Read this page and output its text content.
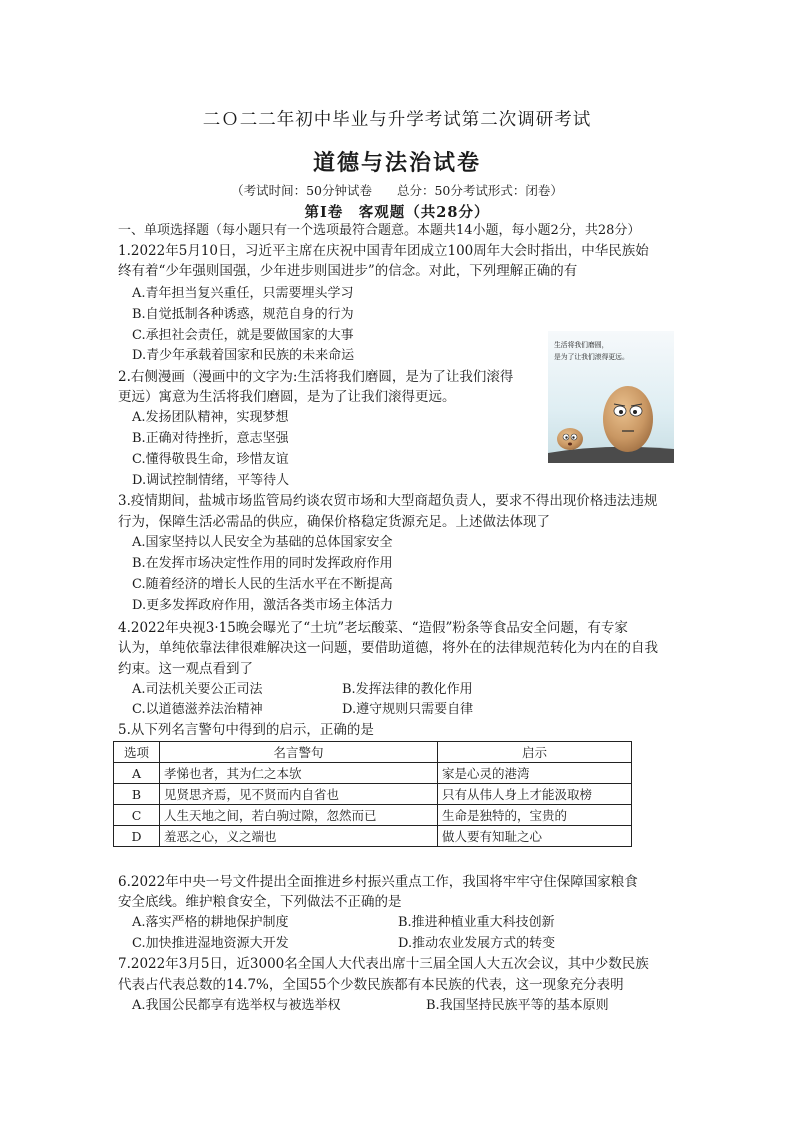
二Ｏ二二年初中毕业与升学考试第二次调研考试
道德与法治试卷
（考试时间：50分钟试卷　　总分：50分考试形式：闭卷）
第Ⅰ卷　客观题（共28分）
一、单项选择题（每小题只有一个选项最符合题意。本题共14小题，每小题2分，共28分）
1.2022年5月10日，习近平主席在庆祝中国青年团成立100周年大会时指出，中华民族始
终有着“少年强则国强，少年进步则国进步”的信念。对此，下列理解正确的有
2.右侧漫画（漫画中的文字为:生活将我们磨圆，是为了让我们滚得
更远）寓意为生活将我们磨圆，是为了让我们滚得更远。
3.疫情期间，盐城市场监管局约谈农贸市场和大型商超负责人，要求不得出现价格违法违规
行为，保障生活必需品的供应，确保价格稳定货源充足。上述做法体现了
4.2022年央视3·15晚会曝光了“土坑”老坛酸菜、“造假”粉条等食品安全问题，有专家
认为，单纯依靠法律很难解决这一问题，要借助道德，将外在的法律规范转化为内在的自我
约束。这一观点看到了
5.从下列名言警句中得到的启示，正确的是
6.2022年中央一号文件提出全面推进乡村振兴重点工作，我国将牢牢守住保障国家粮食
安全底线。维护粮食安全，下列做法不正确的是
7.2022年3月5日，近3000名全国人大代表出席十三届全国人大五次会议，其中少数民族
代表占代表总数的14.7%，全国55个少数民族都有本民族的代表，这一现象充分表明
A.青年担当复兴重任，只需要埋头学习
B.自觉抵制各种诱惑，规范自身的行为
C.承担社会责任，就是要做国家的大事
D.青少年承载着国家和民族的未来命运
A.发扬团队精神，实现梦想
B.正确对待挫折，意志坚强
C.懂得敬畏生命，珍惜友谊
D.调试控制情绪，平等待人
A.国家坚持以人民安全为基础的总体国家安全
B.在发挥市场决定性作用的同时发挥政府作用
C.随着经济的增长人民的生活水平在不断提高
D.更多发挥政府作用，激活各类市场主体活力
A.司法机关要公正司法	B.发挥法律的教化作用
C.以道德滋养法治精神	D.遵守规则只需要自律
A.落实严格的耕地保护制度	B.推进种植业重大科技创新
C.加快推进湿地资源大开发	D.推动农业发展方式的转变
A.我国公民都享有选举权与被选举权	B.我国坚持民族平等的基本原则
选项	名言警句	启示
A	孝悌也者，其为仁之本欤	家是心灵的港湾
B	见贤思齐焉，见不贤而内自省也	只有从伟人身上才能汲取榜
C	人生天地之间，若白驹过隙，忽然而已	生命是独特的，宝贵的
D	羞恶之心，义之端也	做人要有知耻之心
生活将我们磨圆，
是为了让我们滚得更远。
